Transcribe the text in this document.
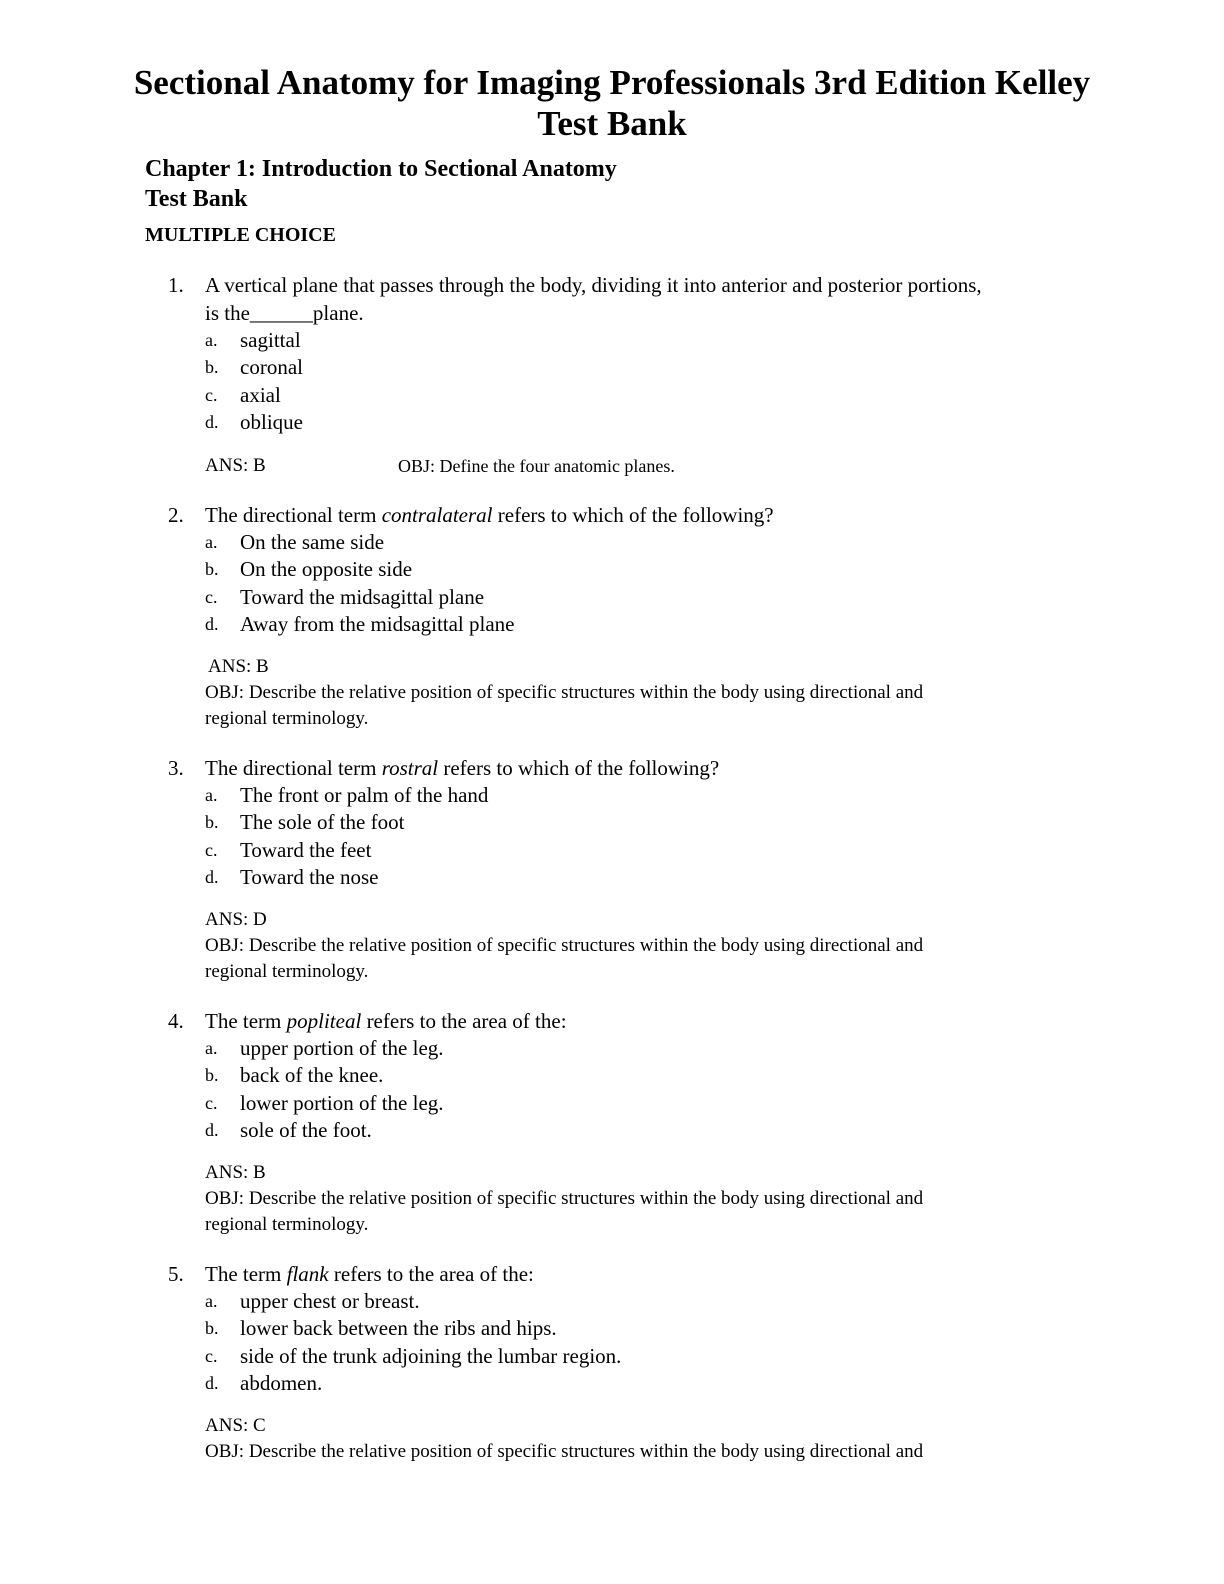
Sectional Anatomy for Imaging Professionals 3rd Edition Kelley
Test Bank
Chapter 1: Introduction to Sectional Anatomy
Test Bank
MULTIPLE CHOICE
1.	A vertical plane that passes through the body, dividing it into anterior and posterior portions,
is the______plane.
a.	sagittal
b.	coronal
c.	axial
d.	oblique
ANS: B	OBJ: Define the four anatomic planes.
2.	The directional term contralateral refers to which of the following?
a.	On the same side
b.	On the opposite side
c.	Toward the midsagittal plane
d.	Away from the midsagittal plane
ANS: B
OBJ: Describe the relative position of specific structures within the body using directional and
regional terminology.
3.	The directional term rostral refers to which of the following?
a.	The front or palm of the hand
b.	The sole of the foot
c.	Toward the feet
d.	Toward the nose
ANS: D
OBJ: Describe the relative position of specific structures within the body using directional and
regional terminology.
4.	The term popliteal refers to the area of the:
a.	upper portion of the leg.
b.	back of the knee.
c.	lower portion of the leg.
d.	sole of the foot.
ANS: B
OBJ: Describe the relative position of specific structures within the body using directional and
regional terminology.
5.	The term flank refers to the area of the:
a.	upper chest or breast.
b.	lower back between the ribs and hips.
c.	side of the trunk adjoining the lumbar region.
d.	abdomen.
ANS: C
OBJ: Describe the relative position of specific structures within the body using directional and
